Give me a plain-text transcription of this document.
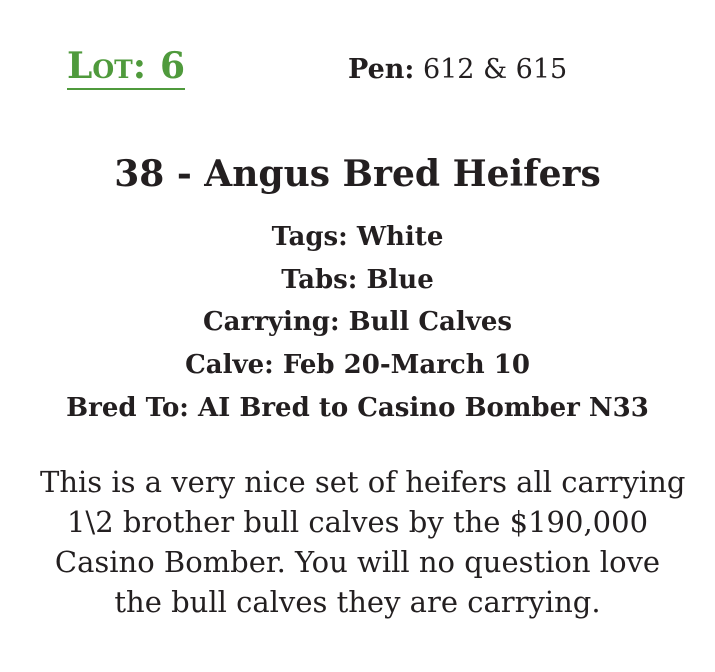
Lot: 6	Pen: 612 & 615
38 - Angus Bred Heifers
Tags: White
Tabs: Blue
Carrying: Bull Calves
Calve: Feb 20-March 10
Bred To: AI Bred to Casino Bomber N33
This is a very nice set of heifers all carrying
1\2 brother bull calves by the $190,000
Casino Bomber. You will no question love
the bull calves they are carrying.
